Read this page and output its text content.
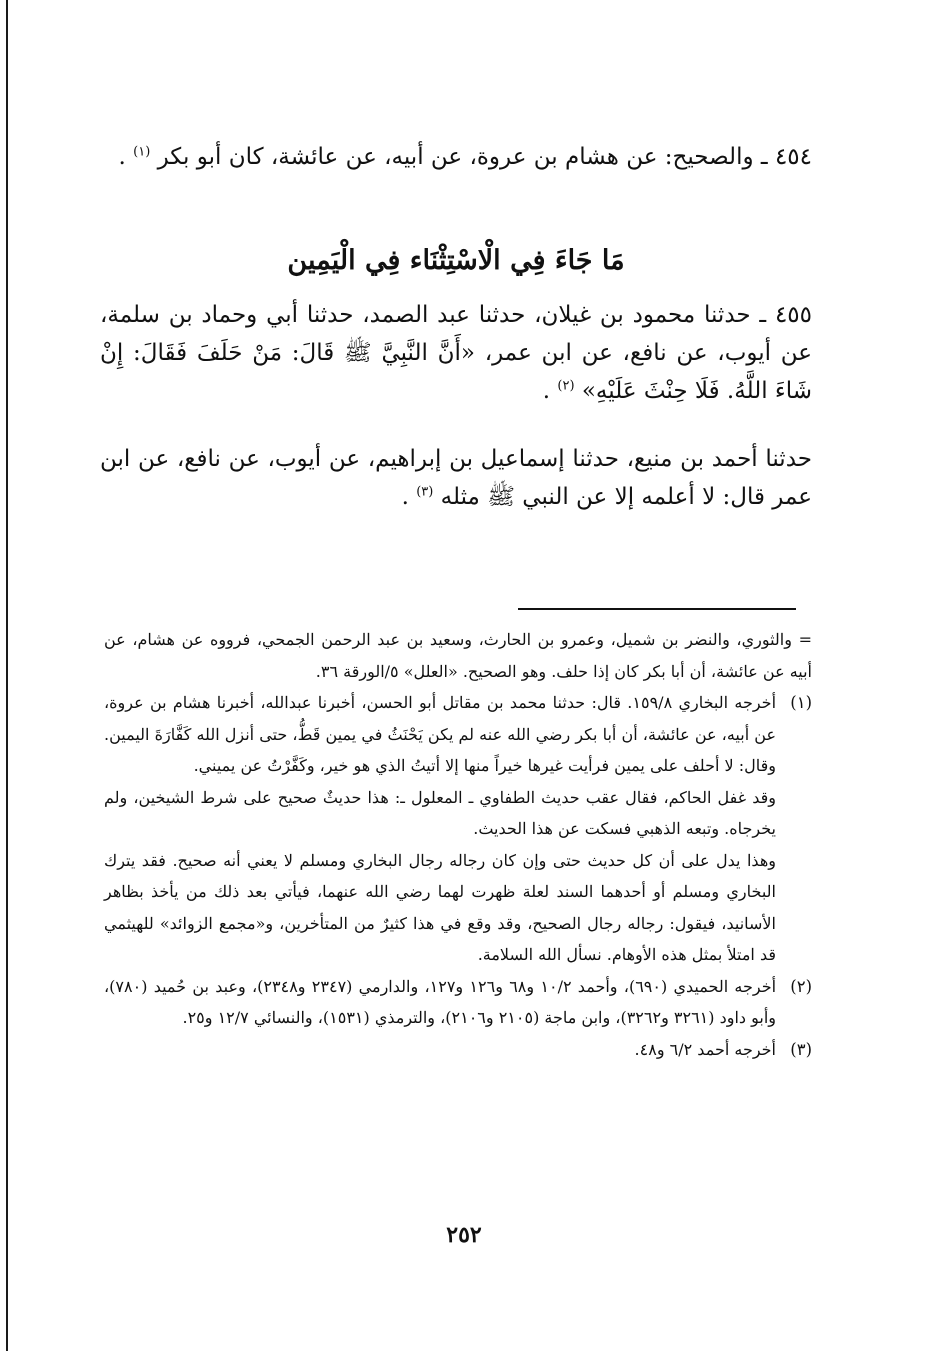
٤٥٤ ـ والصحيح: عن هشام بن عروة، عن أبيه، عن عائشة، كان أبو بكر $^{(١)}$ .

مَا جَاءَ فِي الْاسْتِثْنَاء فِي الْيَمِين

٤٥٥ ـ حدثنا محمود بن غيلان، حدثنا عبد الصمد، حدثنا أبي وحماد بن سلمة، عن أيوب، عن نافع، عن ابن عمر، «أَنَّ النَّبِيَّ ﷺ قَالَ: مَنْ حَلَفَ فَقَالَ: إِنْ شَاءَ اللَّهُ. فَلَا حِنْثَ عَلَيْهِ» $^{(٢)}$ .

حدثنا أحمد بن منيع، حدثنا إسماعيل بن إبراهيم، عن أيوب، عن نافع، عن ابن عمر قال: لا أعلمه إلا عن النبي ﷺ مثله $^{(٣)}$ .

= والثوري، والنضر بن شميل، وعمرو بن الحارث، وسعيد بن عبد الرحمن الجمحي، فرووه عن هشام، عن أبيه عن عائشة، أن أبا بكر كان إذا حلف. وهو الصحيح. «العلل» ٥/الورقة ٣٦.
(١)

أخرجه البخاري ١٥٩/٨. قال: حدثنا محمد بن مقاتل أبو الحسن، أخبرنا عبدالله، أخبرنا هشام بن عروة، عن أبيه، عن عائشة، أن أبا بكر رضي الله عنه لم يكن يَحْنَثُ في يمين قَطُّ، حتى أنزل الله كَفَّارَةَ اليمين. وقال: لا أحلف على يمين فرأيت غيرها خيراً منها إلا أتيتُ الذي هو خير، وكَفَّرْتُ عن يميني.

وقد غفل الحاكم، فقال عقب حديث الطفاوي ـ المعلول ـ: هذا حديثٌ صحيح على شرط الشيخين، ولم يخرجاه. وتبعه الذهبي فسكت عن هذا الحديث.

وهذا يدل على أن كل حديث حتى وإن كان رجاله رجال البخاري ومسلم لا يعني أنه صحيح. فقد يترك البخاري ومسلم أو أحدهما السند لعلة ظهرت لهما رضي الله عنهما، فيأتي بعد ذلك من يأخذ بظاهر الأسانيد، فيقول: رجاله رجال الصحيح، وقد وقع في هذا كثيرٌ من المتأخرين، و«مجمع الزوائد» للهيثمي قد امتلأ بمثل هذه الأوهام. نسأل الله السلامة.

(٢)
أخرجه الحميدي (٦٩٠)، وأحمد ١٠/٢ و٦٨ و١٢٦ و١٢٧، والدارمي (٢٣٤٧ و٢٣٤٨)، وعبد بن حُميد (٧٨٠)، وأبو داود (٣٢٦١ و٣٢٦٢)، وابن ماجة (٢١٠٥ و٢١٠٦)، والترمذي (١٥٣١)، والنسائي ١٢/٧ و٢٥.
(٣)
أخرجه أحمد ٦/٢ و٤٨.
٢٥٢
